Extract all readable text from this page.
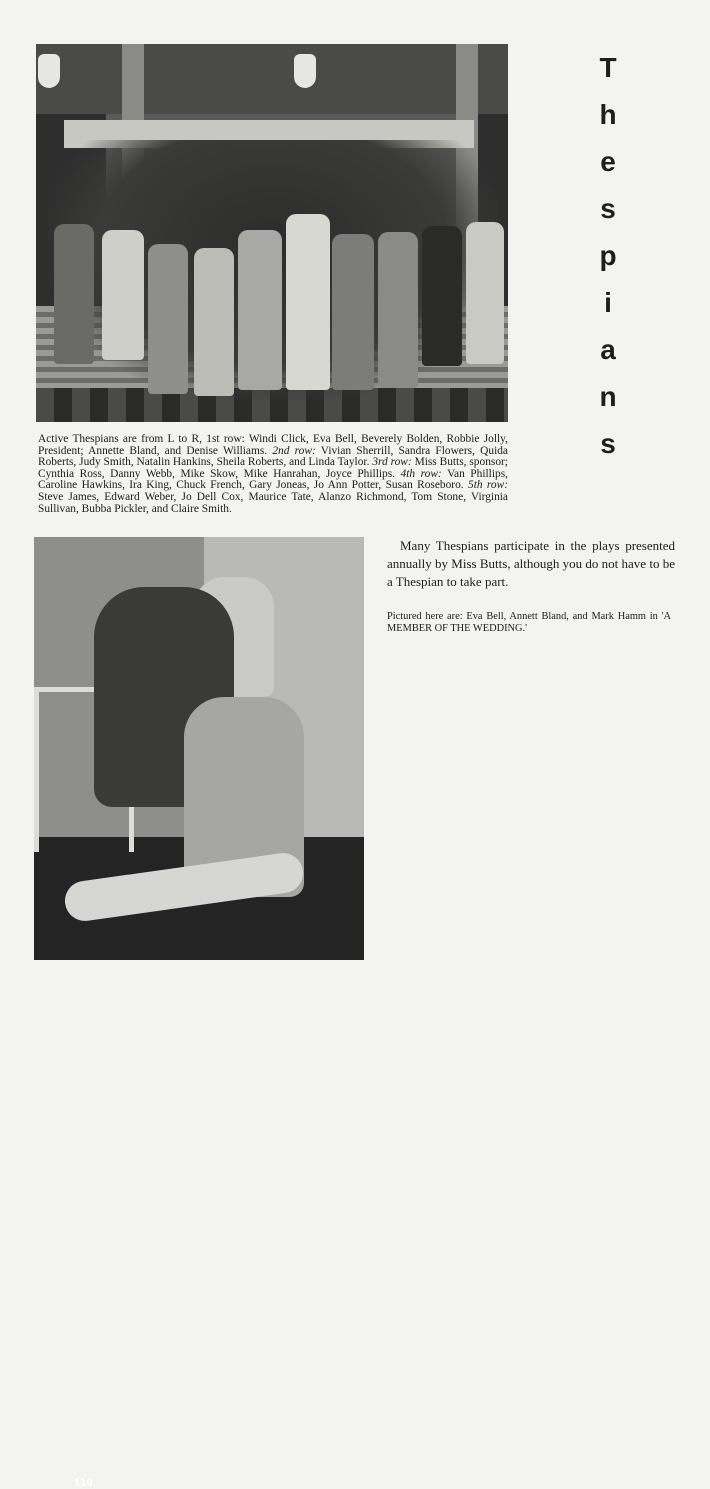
T
h
e
s
p
i
a
n
s

Active Thespians are from L to R, 1st row: Windi Click, Eva Bell, Beverely Bolden, Robbie Jolly, President; Annette Bland, and Denise Williams. 2nd row: Vivian Sherrill, Sandra Flowers, Quida Roberts, Judy Smith, Natalin Hankins, Sheila Roberts, and Linda Taylor. 3rd row: Miss Butts, sponsor; Cynthia Ross, Danny Webb, Mike Skow, Mike Hanrahan, Joyce Phillips. 4th row: Van Phillips, Caroline Hawkins, Ira King, Chuck French, Gary Joneas, Jo Ann Potter, Susan Roseboro. 5th row: Steve James, Edward Weber, Jo Dell Cox, Maurice Tate, Alanzo Richmond, Tom Stone, Virginia Sullivan, Bubba Pickler, and Claire Smith.

110

Many Thespians participate in the plays presented annually by Miss Butts, although you do not have to be a Thespian to take part.

Pictured here are: Eva Bell, Annett Bland, and Mark Hamm in 'A MEMBER OF THE WEDDING.'
